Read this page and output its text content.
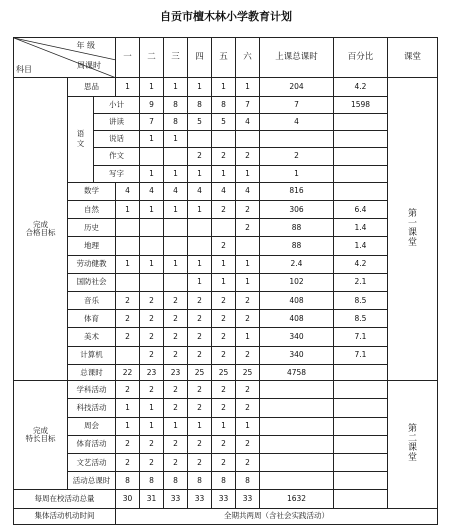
自贡市檀木林小学教育计划
年 级
周课时
科目			一	二	三	四	五	六	上课总课时	百分比	课堂	

完成
合格目标	思品		1	1	1	1	1	1	204	4.2	第
一
课
堂	

	语
文	小计		9	8	8	8	7	7	1598	
		讲读		7	8	5	5	4	4			
		说话		1	1							
		作文				2	2	2	2			
		写字		1	1	1	1	1	1			
	数学		4	4	4	4	4	4	816			
	自然		1	1	1	1	2	2	306	6.4		
	历史							2	88	1.4		
	地理						2		88	1.4		
	劳动健教		1	1	1	1	1	1	2.4	4.2		
	国防社会					1	1	1	102	2.1		
	音乐		2	2	2	2	2	2	408	8.5		
	体育		2	2	2	2	2	2	408	8.5		
	美术		2	2	2	2	2	1	340	7.1		
	计算机			2	2	2	2	2	340	7.1		
	总课时		22	23	23	25	25	25	4758			

完成
特长目标	学科活动		2	2	2	2	2	2			第
二
课
堂	

	科技活动		1	1	2	2	2	2				
	周会		1	1	1	1	1	1				
	体育活动		2	2	2	2	2	2				
	文艺活动		2	2	2	2	2	2				
	活动总课时		8	8	8	8	8	8				
每周在校活动总量			30	31	33	33	33	33	1632			
集体活动机动时间			全期共两周（含社会实践活动）									
